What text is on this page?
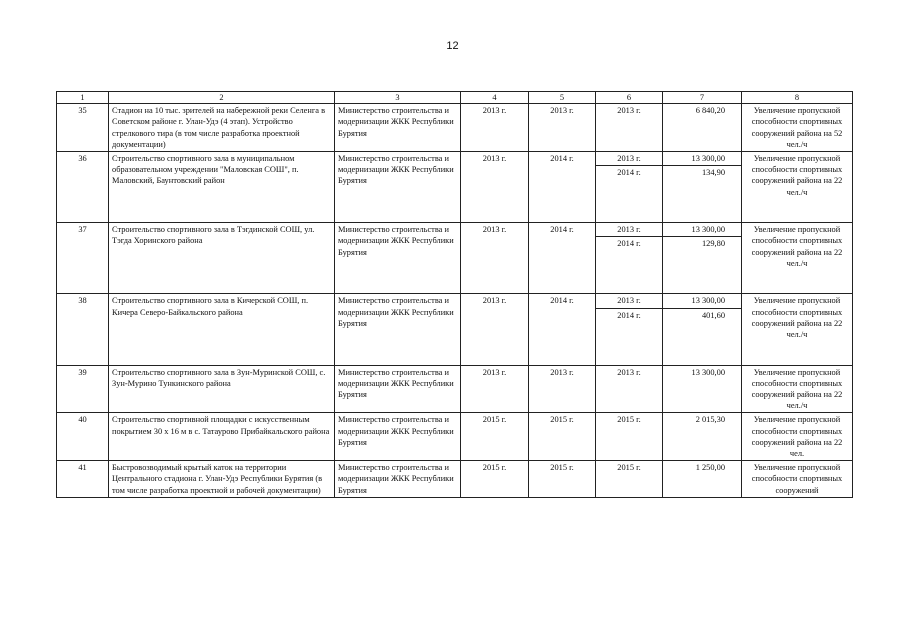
12
1	2	3	4	5	6	7	8
35	Стадион на 10 тыс. зрителей на набережной реки Селенга в Советском районе г. Улан-Удэ (4 этап). Устройство стрелкового тира (в том числе разработка проектной документации)	Министерство строительства и модернизации ЖКК Республики Бурятия	2013 г.	2013 г.	2013 г.	6 840,20	Увеличение пропускной способности спортивных сооружений района на 52 чел./ч
36	Строительство спортивного зала в муниципальном образовательном учреждении "Маловская СОШ", п. Маловский, Баунтовский район	Министерство строительства и модернизации ЖКК Республики Бурятия	2013 г.	2014 г.	2013 г.	13 300,00	Увеличение пропускной способности спортивных сооружений района на 22 чел./ч
					2014 г.	134,90	
37	Строительство спортивного зала в Тэгдинской СОШ, ул. Тэгда Хоринского района	Министерство строительства и модернизации ЖКК Республики Бурятия	2013 г.	2014 г.	2013 г.	13 300,00	Увеличение пропускной способности спортивных сооружений района на 22 чел./ч
					2014 г.	129,80	
38	Строительство спортивного зала в Кичерской СОШ, п. Кичера Северо-Байкальского района	Министерство строительства и модернизации ЖКК Республики Бурятия	2013 г.	2014 г.	2013 г.	13 300,00	Увеличение пропускной способности спортивных сооружений района на 22 чел./ч
					2014 г.	401,60	
39	Строительство спортивного зала в Зун-Муринской СОШ, с. Зун-Мурино Тункинского района	Министерство строительства и модернизации ЖКК Республики Бурятия	2013 г.	2013 г.	2013 г.	13 300,00	Увеличение пропускной способности спортивных сооружений района на 22 чел./ч
40	Строительство спортивной площадки с искусственным покрытием 30 х 16 м в с. Татаурово Прибайкальского района	Министерство строительства и модернизации ЖКК Республики Бурятия	2015 г.	2015 г.	2015 г.	2 015,30	Увеличение пропускной способности спортивных сооружений района на 22 чел.
41	Быстровозводимый крытый каток на территории Центрального стадиона г. Улан-Удэ Республики Бурятия (в том числе разработка проектной и рабочей документации)	Министерство строительства и модернизации ЖКК Республики Бурятия	2015 г.	2015 г.	2015 г.	1 250,00	Увеличение пропускной способности спортивных сооружений
